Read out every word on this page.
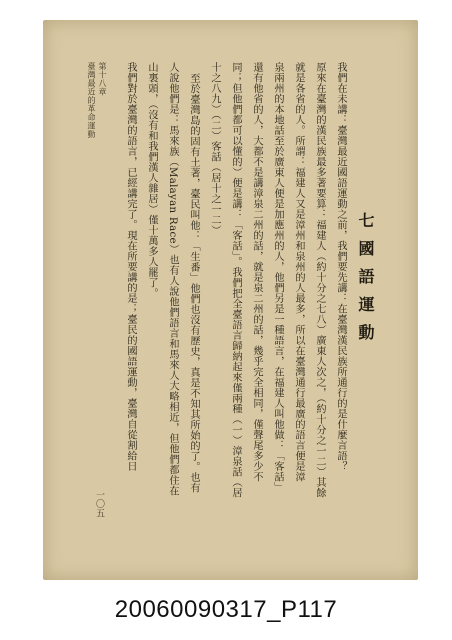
七國語運動
我們在未講：臺灣最近國語運動之前，我們要先講：在臺灣漢民族所通行的是什麼言語？
原來在臺灣的漢民族最多著要算：福建人（約十分之七八）廣東人次之，（約十分之一二）其餘
就是各省的人。所謂：福建人又是漳州和泉州的人最多，所以在臺灣通行最廣的語言便是漳
泉兩州的本地話至於廣東人便是加應州的人，他們另是一種語言，在福建人叫他做：「客話」
還有他省的人，大都不是講漳泉二州的話，就是泉二州的話，幾乎完全相同，僅聲尾多少不
同；但他們都可以懂的）便是講：「客話」。我們把全臺語言歸納起來僅兩種（一）漳泉話（居
十之八九）（二）客話（居十之一二）
至於臺灣島的固有土著，臺民叫他：「生番」他們也沒有歷史，真是不知其所始的了。也有
人說他們是：馬來族（Malayan Race）也有人說他們語言和馬來人大略相近，但他們都住在
山裏頭，（沒有和我們漢人雜居）僅十萬多人罷了。
我們對於臺灣的語言，已經講完了。現在所要講的是；臺民的國語運動，臺灣自從割給日
第十八章
臺灣最近的革命運動
一〇五
20060090317_P117
